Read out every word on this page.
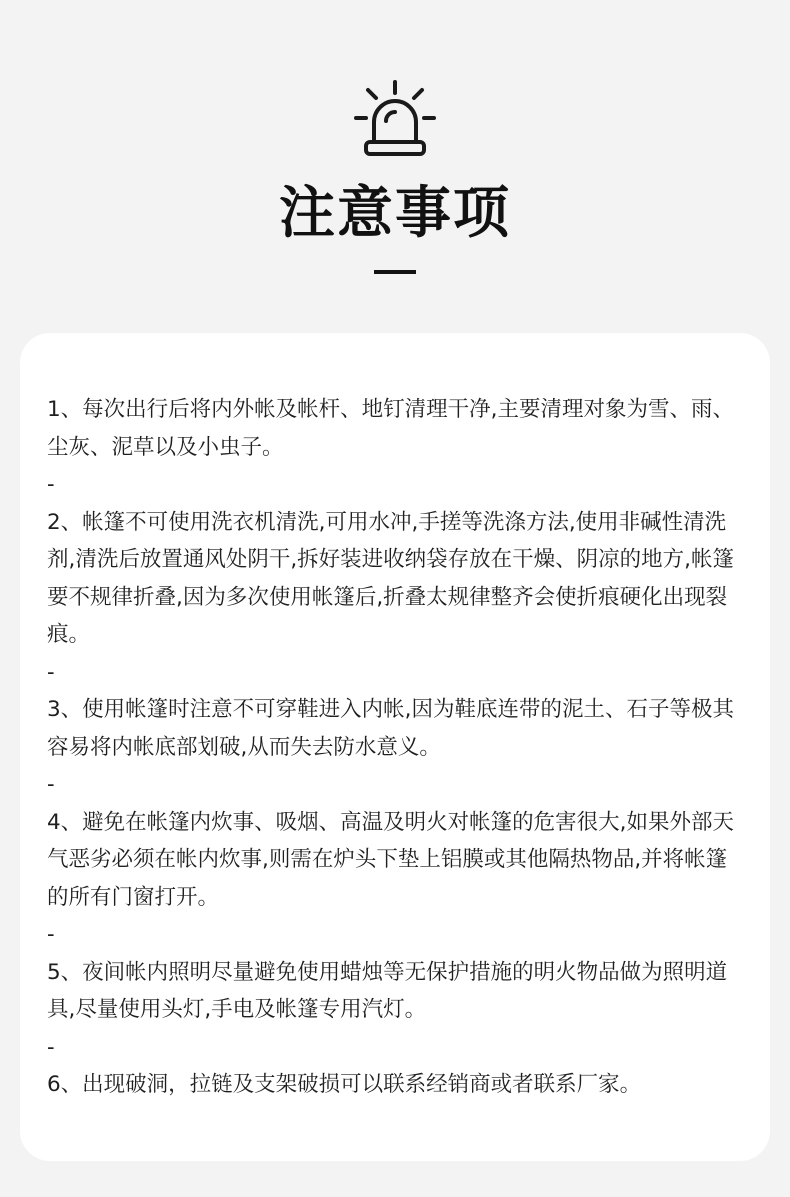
注意事项

1、每次出行后将内外帐及帐杆、地钉清理干净,主要清理对象为雪、雨、尘灰、泥草以及小虫子。

-

2、帐篷不可使用洗衣机清洗,可用水冲,手搓等洗涤方法,使用非碱性清洗剂,清洗后放置通风处阴干,拆好装进收纳袋存放在干燥、阴凉的地方,帐篷要不规律折叠,因为多次使用帐篷后,折叠太规律整齐会使折痕硬化出现裂痕。

-

3、使用帐篷时注意不可穿鞋进入内帐,因为鞋底连带的泥土、石子等极其容易将内帐底部划破,从而失去防水意义。

-

4、避免在帐篷内炊事、吸烟、高温及明火对帐篷的危害很大,如果外部天气恶劣必须在帐内炊事,则需在炉头下垫上铝膜或其他隔热物品,并将帐篷的所有门窗打开。

-

5、夜间帐内照明尽量避免使用蜡烛等无保护措施的明火物品做为照明道具,尽量使用头灯,手电及帐篷专用汽灯。

-

6、出现破洞，拉链及支架破损可以联系经销商或者联系厂家。
